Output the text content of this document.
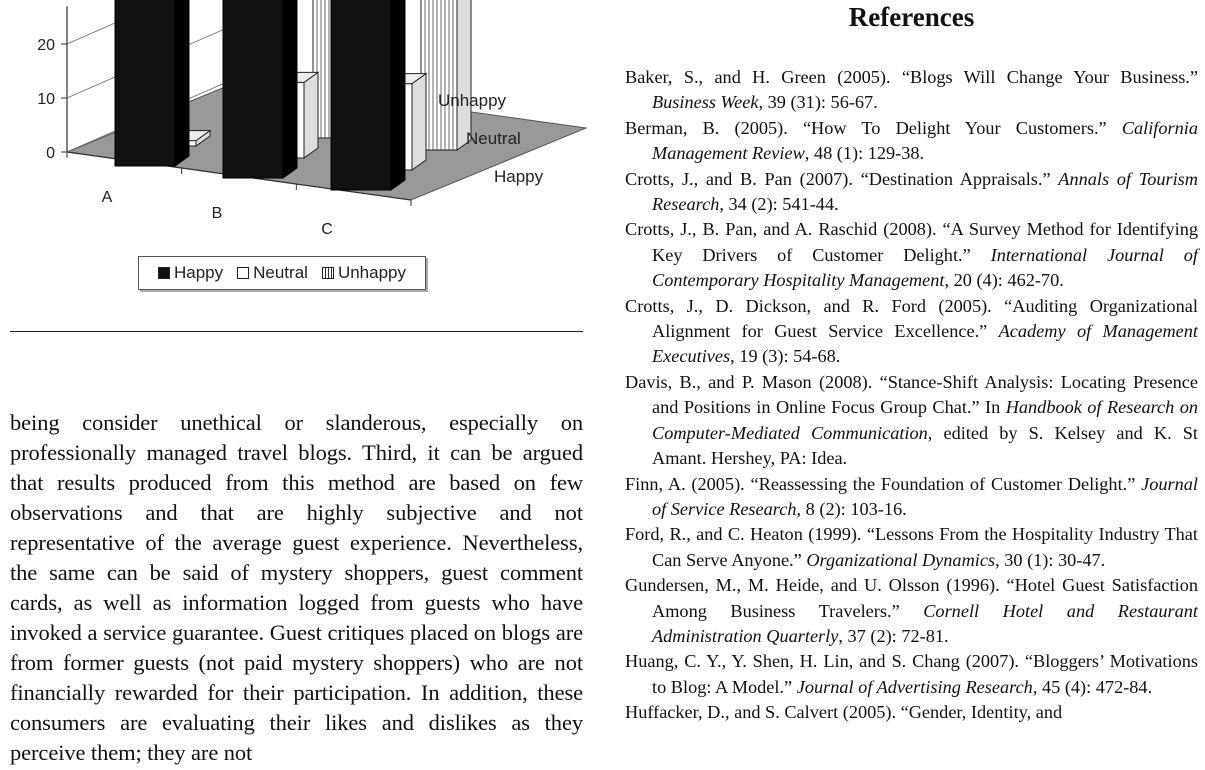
0
10
20
A
B
C
Happy
Neutral
Unhappy
Happy Neutral Unhappy

being consider unethical or slanderous, especially on professionally managed travel blogs. Third, it can be argued that results produced from this method are based on few observations and that are highly subjective and not representative of the average guest experience. Nevertheless, the same can be said of mystery shoppers, guest comment cards, as well as information logged from guests who have invoked a service guarantee. Guest critiques placed on blogs are from former guests (not paid mystery shoppers) who are not financially rewarded for their participation. In addition, these consumers are evaluating their likes and dislikes as they perceive them; they are not

References
Baker, S., and H. Green (2005). “Blogs Will Change Your Business.” Business Week, 39 (31): 56-67.
Berman, B. (2005). “How To Delight Your Customers.” California Management Review, 48 (1): 129-38.
Crotts, J., and B. Pan (2007). “Destination Appraisals.” Annals of Tourism Research, 34 (2): 541-44.
Crotts, J., B. Pan, and A. Raschid (2008). “A Survey Method for Identifying Key Drivers of Customer Delight.” International Journal of Contemporary Hospitality Management, 20 (4): 462-70.
Crotts, J., D. Dickson, and R. Ford (2005). “Auditing Organizational Alignment for Guest Service Excellence.” Academy of Management Executives, 19 (3): 54-68.
Davis, B., and P. Mason (2008). “Stance-Shift Analysis: Locating Presence and Positions in Online Focus Group Chat.” In Handbook of Research on Computer-Mediated Communication, edited by S. Kelsey and K. St Amant. Hershey, PA: Idea.
Finn, A. (2005). “Reassessing the Foundation of Customer Delight.” Journal of Service Research, 8 (2): 103-16.
Ford, R., and C. Heaton (1999). “Lessons From the Hospitality Industry That Can Serve Anyone.” Organizational Dynamics, 30 (1): 30-47.
Gundersen, M., M. Heide, and U. Olsson (1996). “Hotel Guest Satisfaction Among Business Travelers.” Cornell Hotel and Restaurant Administration Quarterly, 37 (2): 72-81.
Huang, C. Y., Y. Shen, H. Lin, and S. Chang (2007). “Bloggers’ Motivations to Blog: A Model.” Journal of Advertising Research, 45 (4): 472-84.
Huffacker, D., and S. Calvert (2005). “Gender, Identity, and
